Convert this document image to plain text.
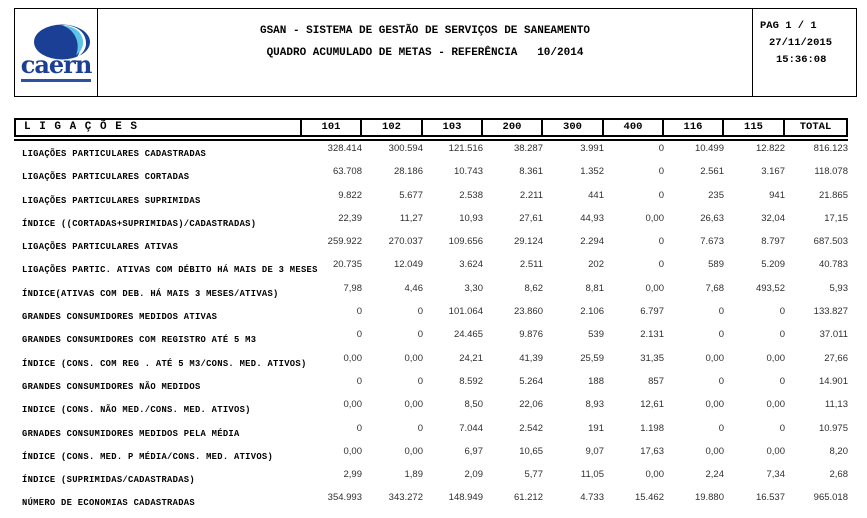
caern
GSAN - SISTEMA DE GESTÃO DE SERVIÇOS DE SANEAMENTO
QUADRO ACUMULADO DE METAS - REFERÊNCIA   10/2014
PAG 1 / 1
27/11/2015
15:36:08
L I G A Ç Õ E S	101	102	103	200	300	400	116	115	TOTAL
LIGAÇÕES PARTICULARES CADASTRADAS	328.414	300.594	121.516	38.287	3.991	0	10.499	12.822	816.123
LIGAÇÕES PARTICULARES CORTADAS	63.708	28.186	10.743	8.361	1.352	0	2.561	3.167	118.078
LIGAÇÕES PARTICULARES SUPRIMIDAS	9.822	5.677	2.538	2.211	441	0	235	941	21.865
ÍNDICE ((CORTADAS+SUPRIMIDAS)/CADASTRADAS)	22,39	11,27	10,93	27,61	44,93	0,00	26,63	32,04	17,15
LIGAÇÕES PARTICULARES ATIVAS	259.922	270.037	109.656	29.124	2.294	0	7.673	8.797	687.503
LIGAÇÕES PARTIC. ATIVAS COM DÉBITO HÁ MAIS DE 3 MESES	20.735	12.049	3.624	2.511	202	0	589	5.209	40.783
ÍNDICE(ATIVAS COM DEB. HÁ MAIS 3 MESES/ATIVAS)	7,98	4,46	3,30	8,62	8,81	0,00	7,68	493,52	5,93
GRANDES CONSUMIDORES MEDIDOS ATIVAS	0	0	101.064	23.860	2.106	6.797	0	0	133.827
GRANDES CONSUMIDORES COM REGISTRO ATÉ 5 M3	0	0	24.465	9.876	539	2.131	0	0	37.011
ÍNDICE (CONS. COM REG . ATÉ 5 M3/CONS. MED. ATIVOS)	0,00	0,00	24,21	41,39	25,59	31,35	0,00	0,00	27,66
GRANDES CONSUMIDORES NÃO MEDIDOS	0	0	8.592	5.264	188	857	0	0	14.901
INDICE (CONS. NÃO MED./CONS. MED. ATIVOS)	0,00	0,00	8,50	22,06	8,93	12,61	0,00	0,00	11,13
GRNADES CONSUMIDORES MEDIDOS PELA MÉDIA	0	0	7.044	2.542	191	1.198	0	0	10.975
ÍNDICE (CONS. MED. P MÉDIA/CONS. MED. ATIVOS)	0,00	0,00	6,97	10,65	9,07	17,63	0,00	0,00	8,20
ÍNDICE (SUPRIMIDAS/CADASTRADAS)	2,99	1,89	2,09	5,77	11,05	0,00	2,24	7,34	2,68
NÚMERO DE ECONOMIAS CADASTRADAS	354.993	343.272	148.949	61.212	4.733	15.462	19.880	16.537	965.018
